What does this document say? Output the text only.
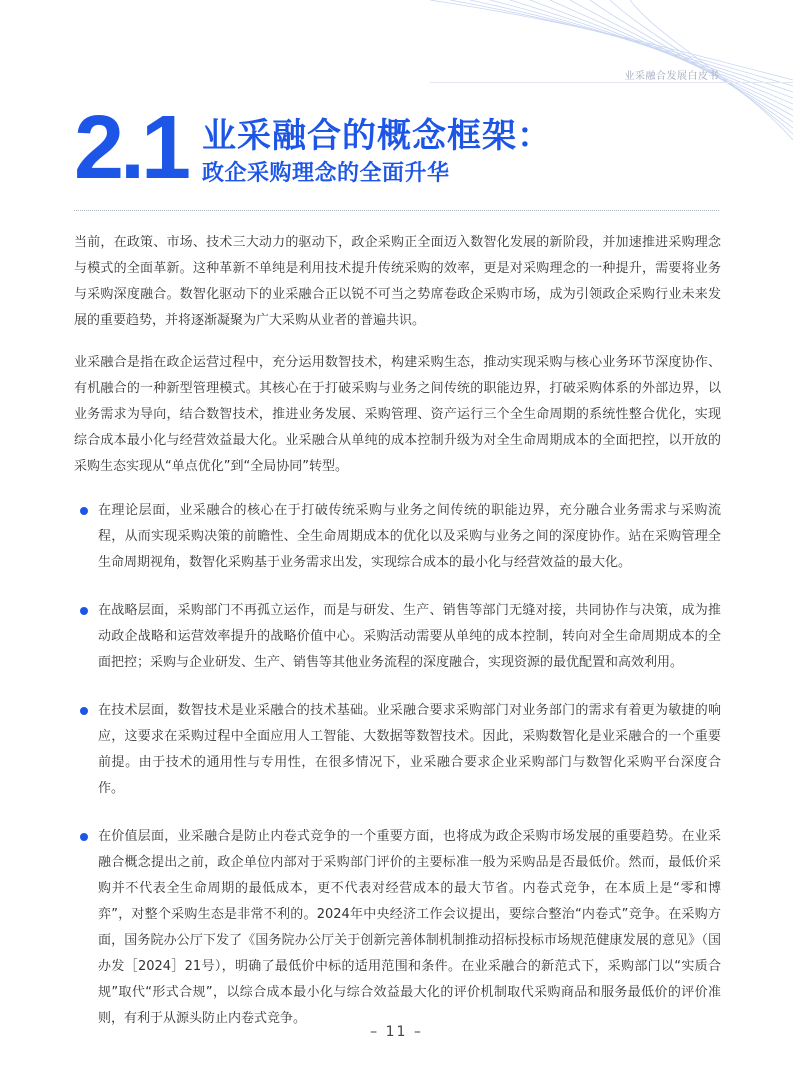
业采融合发展白皮书
2.1 业采融合的概念框架：
政企采购理念的全面升华

当前，在政策、市场、技术三大动力的驱动下，政企采购正全面迈入数智化发展的新阶段，并加速推进采购理念与模式的全面革新。这种革新不单纯是利用技术提升传统采购的效率，更是对采购理念的一种提升，需要将业务与采购深度融合。数智化驱动下的业采融合正以锐不可当之势席卷政企采购市场，成为引领政企采购行业未来发展的重要趋势，并将逐渐凝聚为广大采购从业者的普遍共识。

业采融合是指在政企运营过程中，充分运用数智技术，构建采购生态，推动实现采购与核心业务环节深度协作、有机融合的一种新型管理模式。其核心在于打破采购与业务之间传统的职能边界，打破采购体系的外部边界，以业务需求为导向，结合数智技术，推进业务发展、采购管理、资产运行三个全生命周期的系统性整合优化，实现综合成本最小化与经营效益最大化。业采融合从单纯的成本控制升级为对全生命周期成本的全面把控，以开放的采购生态实现从“单点优化”到“全局协同”转型。

在理论层面，业采融合的核心在于打破传统采购与业务之间传统的职能边界，充分融合业务需求与采购流程，从而实现采购决策的前瞻性、全生命周期成本的优化以及采购与业务之间的深度协作。站在采购管理全生命周期视角，数智化采购基于业务需求出发，实现综合成本的最小化与经营效益的最大化。
在战略层面，采购部门不再孤立运作，而是与研发、生产、销售等部门无缝对接，共同协作与决策，成为推动政企战略和运营效率提升的战略价值中心。采购活动需要从单纯的成本控制，转向对全生命周期成本的全面把控；采购与企业研发、生产、销售等其他业务流程的深度融合，实现资源的最优配置和高效利用。
在技术层面，数智技术是业采融合的技术基础。业采融合要求采购部门对业务部门的需求有着更为敏捷的响应，这要求在采购过程中全面应用人工智能、大数据等数智技术。因此，采购数智化是业采融合的一个重要前提。由于技术的通用性与专用性，在很多情况下，业采融合要求企业采购部门与数智化采购平台深度合作。
在价值层面，业采融合是防止内卷式竞争的一个重要方面，也将成为政企采购市场发展的重要趋势。在业采融合概念提出之前，政企单位内部对于采购部门评价的主要标准一般为采购品是否最低价。然而，最低价采购并不代表全生命周期的最低成本，更不代表对经营成本的最大节省。内卷式竞争，在本质上是“零和博弈”，对整个采购生态是非常不利的。2024年中央经济工作会议提出，要综合整治“内卷式”竞争。在采购方面，国务院办公厅下发了《国务院办公厅关于创新完善体制机制推动招标投标市场规范健康发展的意见》（国办发［2024］21号），明确了最低价中标的适用范围和条件。在业采融合的新范式下，采购部门以“实质合规”取代“形式合规”，以综合成本最小化与综合效益最大化的评价机制取代采购商品和服务最低价的评价准则，有利于从源头防止内卷式竞争。
– 11 –
